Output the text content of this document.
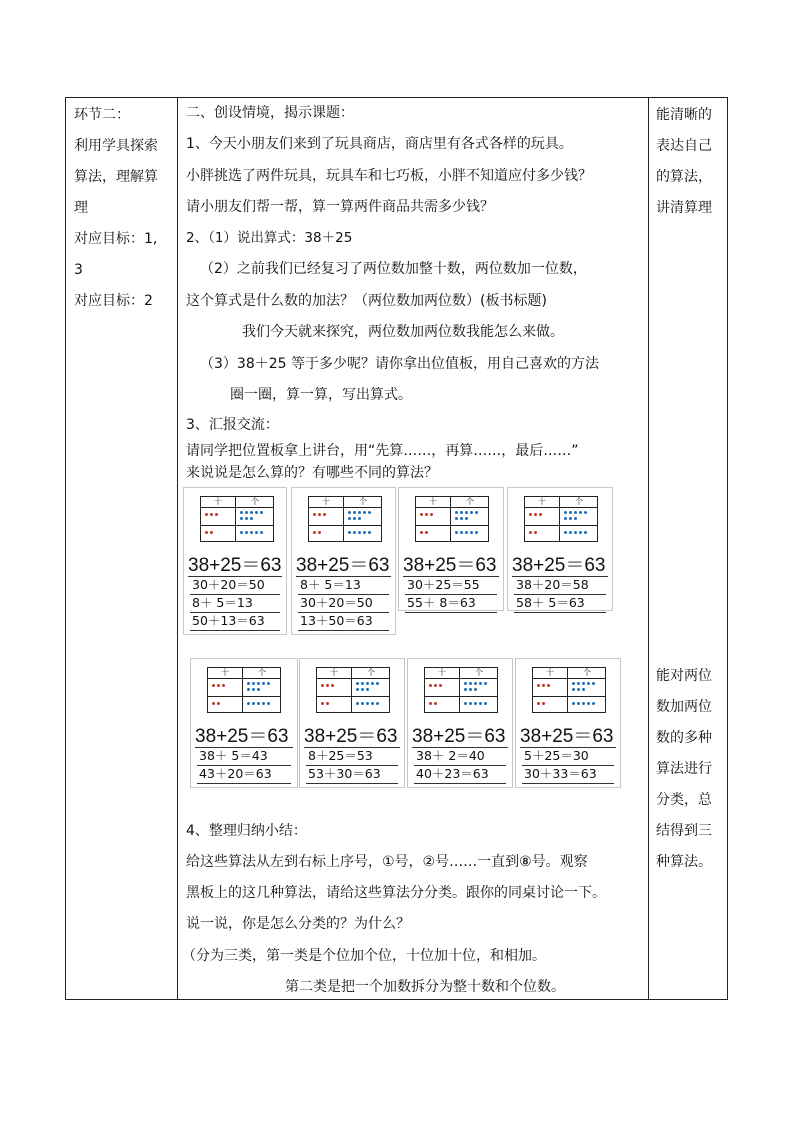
环节二：
利用学具探索
算法，理解算
理
对应目标：1,
3
对应目标：2
能清晰的
表达自己
的算法，
讲清算理
能对两位
数加两位
数的多种
算法进行
分类，总
结得到三
种算法。
二、创设情境，揭示课题：
1、今天小朋友们来到了玩具商店，商店里有各式各样的玩具。
小胖挑选了两件玩具，玩具车和七巧板，小胖不知道应付多少钱？
请小朋友们帮一帮，算一算两件商品共需多少钱？
2、（1）说出算式：38＋25
（2）之前我们已经复习了两位数加整十数，两位数加一位数，
这个算式是什么数的加法？（两位数加两位数）(板书标题)
我们今天就来探究，两位数加两位数我能怎么来做。
（3）38＋25 等于多少呢？请你拿出位值板，用自己喜欢的方法
圈一圈，算一算，写出算式。
3、汇报交流：
请同学把位置板拿上讲台，用“先算……，再算……，最后……”
来说说是怎么算的？有哪些不同的算法？
4、整理归纳小结：
给这些算法从左到右标上序号，①号，②号……一直到⑧号。观察
黑板上的这几种算法，请给这些算法分分类。跟你的同桌讨论一下。
说一说，你是怎么分类的？为什么？
（分为三类，第一类是个位加个位，十位加十位，和相加。
第二类是把一个加数拆分为整十数和个位数。
十	个
38+25＝63
30＋20＝50
8＋ 5＝13
50＋13＝63
十	个
38+25＝63
8＋ 5＝13
30＋20＝50
13＋50＝63
十	个
38+25＝63
30＋25＝55
55＋ 8＝63
十	个
38+25＝63
38＋20＝58
58＋ 5＝63
十	个
38+25＝63
38＋ 5＝43
43＋20＝63
十	个
38+25＝63
8＋25＝53
53＋30＝63
十	个
38+25＝63
38＋ 2＝40
40＋23＝63
十	个
38+25＝63
5＋25＝30
30＋33＝63
